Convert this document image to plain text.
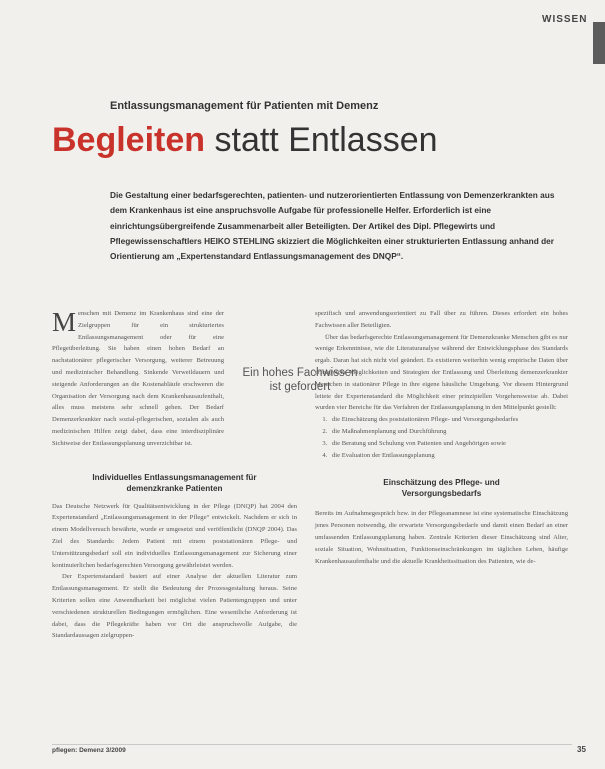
WISSEN
Entlassungsmanagement für Patienten mit Demenz
Begleiten statt Entlassen

Die Gestaltung einer bedarfsgerechten, patienten- und nutzerorientierten Entlassung von Demenzerkrankten aus dem Krankenhaus ist eine anspruchsvolle Aufgabe für professionelle Helfer. Erforderlich ist eine einrichtungsübergreifende Zusammenarbeit aller Beteiligten. Der Artikel des Dipl. Pflegewirts und Pflegewissenschaftlers HEIKO STEHLING skizziert die Möglichkeiten einer strukturierten Entlassung anhand der Orientierung am „Expertenstandard Entlassungsmanagement des DNQP“.

Menschen mit Demenz im Krankenhaus sind eine der Zielgruppen für ein strukturiertes Entlassungsmanagement oder für eine Pflegeüberleitung. Sie haben einen hohen Bedarf an nachstationärer pflegerischer Versorgung, weiterer Betreuung und medizinischer Behandlung. Sinkende Verweildauern und steigende Anforderungen an die Kostenabläufe erschweren die Organisation der Versorgung nach dem Krankenhausaufenthalt, alles muss meistens sehr schnell gehen. Der Bedarf Demenzerkrankter nach sozial-pflegerischen, sozialen als auch medizinischen Hilfen zeigt dabei, dass eine interdisziplinäre Sichtweise der Entlassungsplanung unverzichtbar ist.

Individuelles Entlassungsmanagement für demenzkranke Patienten

Das Deutsche Netzwerk für Qualitätsentwicklung in der Pflege (DNQP) hat 2004 den Expertenstandard „Entlassungsmanagement in der Pflege“ entwickelt. Nachdem er sich in einem Modellversuch bewährte, wurde er umgesetzt und veröffentlicht (DNQP 2004). Das Ziel des Standards: Jedem Patient mit einem poststationären Pflege- und Unterstützungsbedarf soll ein individuelles Entlassungsmanagement zur Sicherung einer kontinuierlichen bedarfsgerechten Versorgung gewährleistet werden.

Der Expertenstandard basiert auf einer Analyse der aktuellen Literatur zum Entlassungsmanagement. Er stellt die Bedeutung der Prozessgestaltung heraus. Seine Kriterien sollen eine Anwendbarkeit bei möglichst vielen Patientengruppen und unter verschiedenen strukturellen Bedingungen ermöglichen. Eine wesentliche Anforderung ist dabei, dass die Pflegekräfte haben vor Ort die anspruchsvolle Aufgabe, die Standardaussagen zielgruppen-

Ein hohes Fachwissen ist gefordert

spezifisch und anwendungsorientiert zu Fall über zu führen. Dieses erfordert ein hohes Fachwissen aller Beteiligten.

Über das bedarfsgerechte Entlassungsmanagement für Demenzkranke Menschen gibt es nur wenige Erkenntnisse, wie die Literaturanalyse während der Entwicklungsphase des Standards ergab. Daran hat sich nicht viel geändert. Es existieren weiterhin wenig empirische Daten über erfolgreiche Möglichkeiten und Strategien der Entlassung und Überleitung demenzerkrankter Menschen in stationärer Pflege in ihre eigene häusliche Umgebung. Vor diesem Hintergrund leitete der Expertenstandard die Möglichkeit einer prinzipiellen Vorgehensweise ab. Dabei wurden vier Bereiche für das Verfahren der Entlassungsplanung in den Mittelpunkt gestellt:

1. die Einschätzung des poststationären Pflege- und Versorgungsbedarfes
2. die Maßnahmenplanung und Durchführung
3. die Beratung und Schulung von Patienten und Angehörigen sowie
4. die Evaluation der Entlassungsplanung

Einschätzung des Pflege- und Versorgungsbedarfs

Bereits im Aufnahmegespräch bzw. in der Pflegeanamnese ist eine systematische Einschätzung jenes Personen notwendig, die erwartete Versorgungsbedarfe und damit einen Bedarf an einer umfassenden Entlassungsplanung haben. Zentrale Kriterien dieser Einschätzung sind Alter, soziale Situation, Wohnsituation, Funktionseinschränkungen im täglichen Leben, häufige Krankenhausaufenthalte und die aktuelle Krankheitssituation des Patienten, wie de-

pflegen: Demenz 3/2009	35
